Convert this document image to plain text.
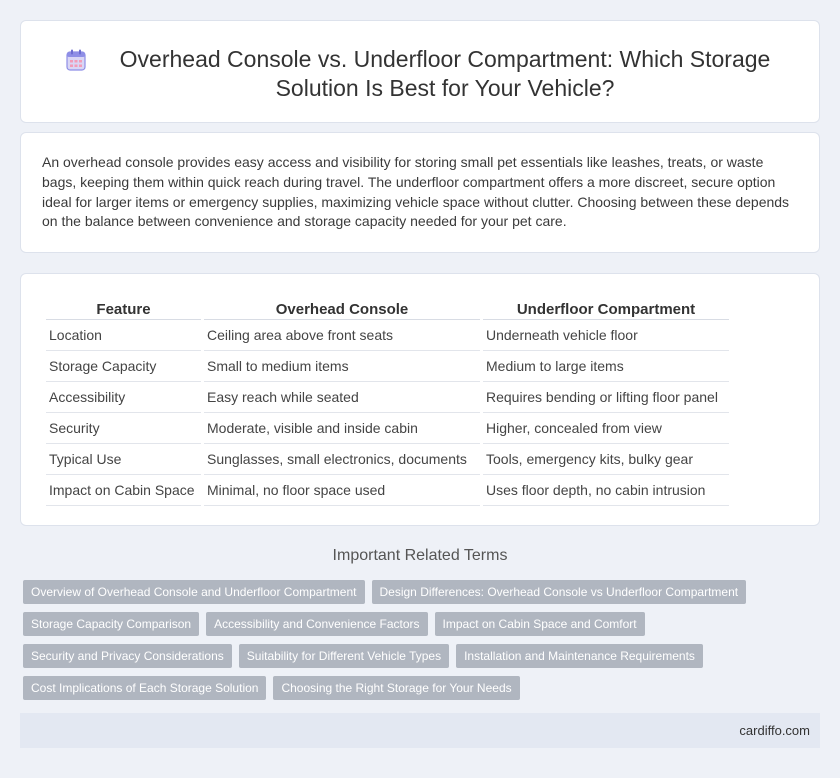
Overhead Console vs. Underfloor Compartment: Which Storage Solution Is Best for Your Vehicle?

An overhead console provides easy access and visibility for storing small pet essentials like leashes, treats, or waste bags, keeping them within quick reach during travel. The underfloor compartment offers a more discreet, secure option ideal for larger items or emergency supplies, maximizing vehicle space without clutter. Choosing between these depends on the balance between convenience and storage capacity needed for your pet care.

Feature	Overhead Console	Underfloor Compartment
Location	Ceiling area above front seats	Underneath vehicle floor
Storage Capacity	Small to medium items	Medium to large items
Accessibility	Easy reach while seated	Requires bending or lifting floor panel
Security	Moderate, visible and inside cabin	Higher, concealed from view
Typical Use	Sunglasses, small electronics, documents	Tools, emergency kits, bulky gear
Impact on Cabin Space	Minimal, no floor space used	Uses floor depth, no cabin intrusion
Important Related Terms
Overview of Overhead Console and Underfloor Compartment	Design Differences: Overhead Console vs Underfloor Compartment
Storage Capacity Comparison	Accessibility and Convenience Factors	Impact on Cabin Space and Comfort
Security and Privacy Considerations	Suitability for Different Vehicle Types	Installation and Maintenance Requirements
Cost Implications of Each Storage Solution	Choosing the Right Storage for Your Needs
cardiffo.com
